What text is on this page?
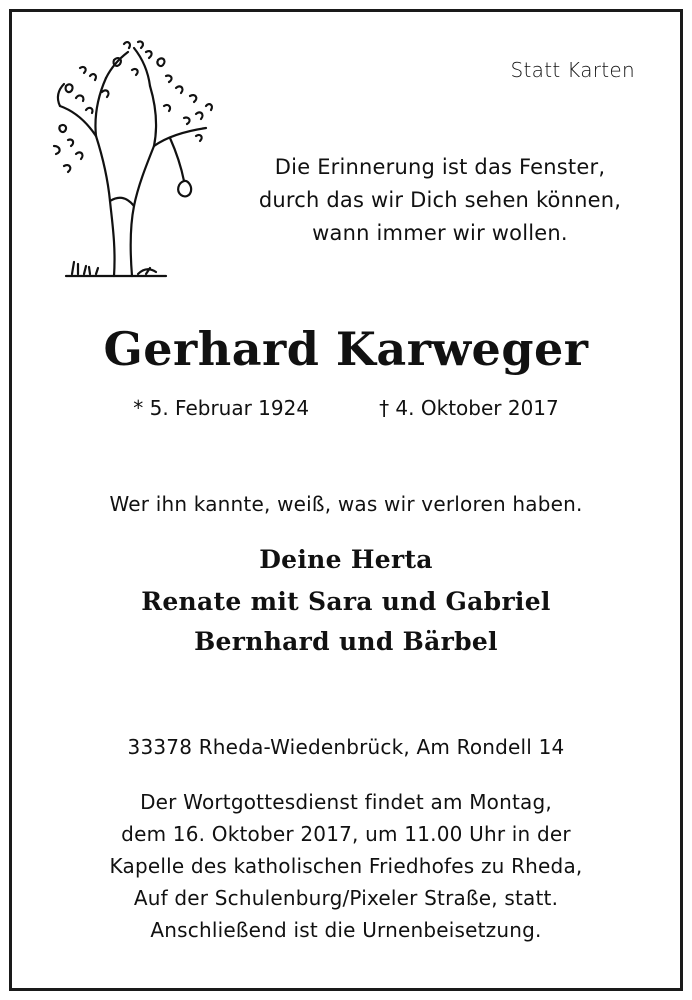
Statt Karten
Die Erinnerung ist das Fenster,
durch das wir Dich sehen können,
wann immer wir wollen.
Gerhard Karweger
* 5. Februar 1924	† 4. Oktober 2017
Wer ihn kannte, weiß, was wir verloren haben.
Deine Herta
Renate mit Sara und Gabriel
Bernhard und Bärbel
33378 Rheda-Wiedenbrück, Am Rondell 14
Der Wortgottesdienst findet am Montag,
dem 16. Oktober 2017, um 11.00 Uhr in der
Kapelle des katholischen Friedhofes zu Rheda,
Auf der Schulenburg/Pixeler Straße, statt.
Anschließend ist die Urnenbeisetzung.
